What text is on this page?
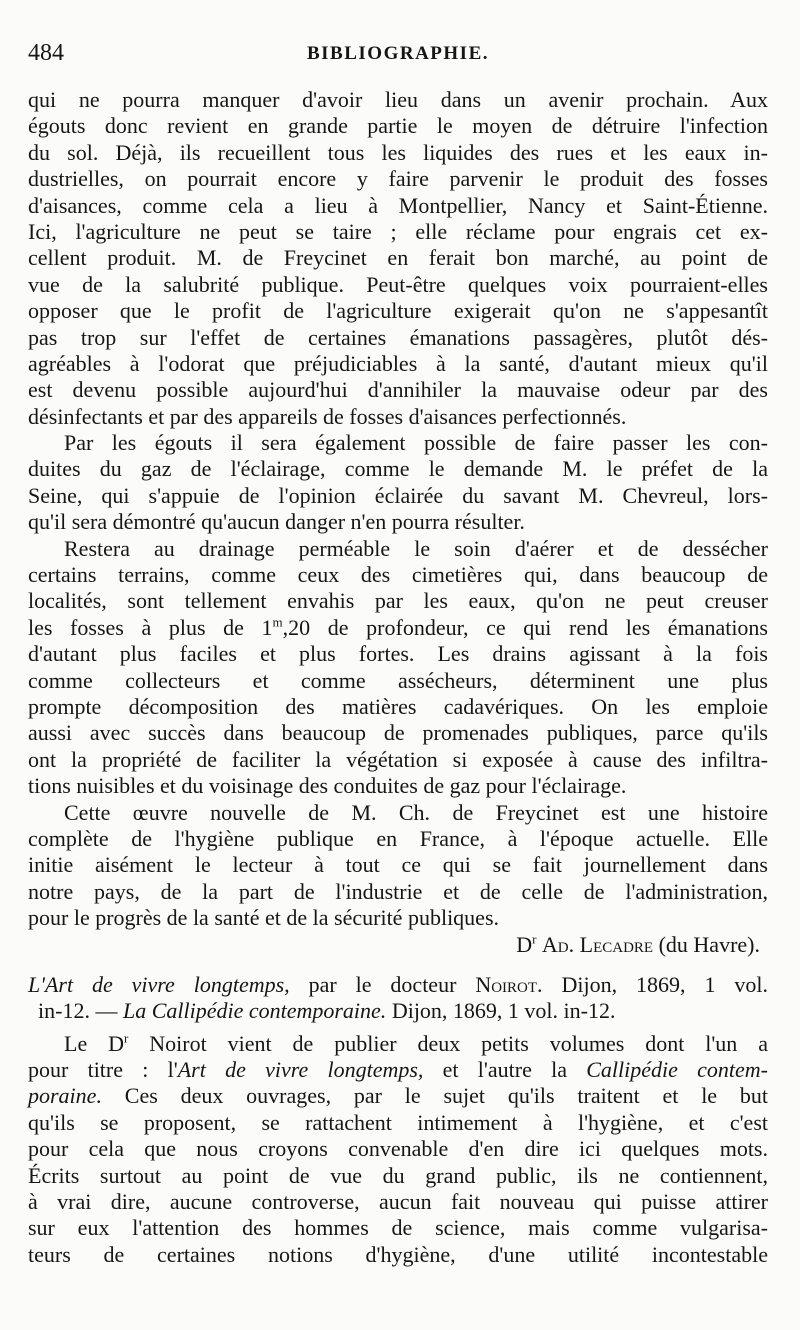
484	BIBLIOGRAPHIE.
qui ne pourra manquer d'avoir lieu dans un avenir prochain. Aux
égouts donc revient en grande partie le moyen de détruire l'infection
du sol. Déjà, ils recueillent tous les liquides des rues et les eaux in-
dustrielles, on pourrait encore y faire parvenir le produit des fosses
d'aisances, comme cela a lieu à Montpellier, Nancy et Saint-Étienne.
Ici, l'agriculture ne peut se taire ; elle réclame pour engrais cet ex-
cellent produit. M. de Freycinet en ferait bon marché, au point de
vue de la salubrité publique. Peut-être quelques voix pourraient-elles
opposer que le profit de l'agriculture exigerait qu'on ne s'appesantît
pas trop sur l'effet de certaines émanations passagères, plutôt dés-
agréables à l'odorat que préjudiciables à la santé, d'autant mieux qu'il
est devenu possible aujourd'hui d'annihiler la mauvaise odeur par des
désinfectants et par des appareils de fosses d'aisances perfectionnés.
Par les égouts il sera également possible de faire passer les con-
duites du gaz de l'éclairage, comme le demande M. le préfet de la
Seine, qui s'appuie de l'opinion éclairée du savant M. Chevreul, lors-
qu'il sera démontré qu'aucun danger n'en pourra résulter.
Restera au drainage perméable le soin d'aérer et de dessécher
certains terrains, comme ceux des cimetières qui, dans beaucoup de
localités, sont tellement envahis par les eaux, qu'on ne peut creuser
les fosses à plus de 1$^m$,20 de profondeur, ce qui rend les émanations
d'autant plus faciles et plus fortes. Les drains agissant à la fois
comme collecteurs et comme assécheurs, déterminent une plus
prompte décomposition des matières cadavériques. On les emploie
aussi avec succès dans beaucoup de promenades publiques, parce qu'ils
ont la propriété de faciliter la végétation si exposée à cause des infiltra-
tions nuisibles et du voisinage des conduites de gaz pour l'éclairage.
Cette œuvre nouvelle de M. Ch. de Freycinet est une histoire
complète de l'hygiène publique en France, à l'époque actuelle. Elle
initie aisément le lecteur à tout ce qui se fait journellement dans
notre pays, de la part de l'industrie et de celle de l'administration,
pour le progrès de la santé et de la sécurité publiques.
$D^r$ Ad. Lecadre (du Havre).
L'Art de vivre longtemps, par le docteur Noirot. Dijon, 1869, 1 vol.
in-12. — La Callipédie contemporaine. Dijon, 1869, 1 vol. in-12.
Le $D^r$ Noirot vient de publier deux petits volumes dont l'un a
pour titre : l'Art de vivre longtemps, et l'autre la Callipédie contem-
poraine. Ces deux ouvrages, par le sujet qu'ils traitent et le but
qu'ils se proposent, se rattachent intimement à l'hygiène, et c'est
pour cela que nous croyons convenable d'en dire ici quelques mots.
Écrits surtout au point de vue du grand public, ils ne contiennent,
à vrai dire, aucune controverse, aucun fait nouveau qui puisse attirer
sur eux l'attention des hommes de science, mais comme vulgarisa-
teurs de certaines notions d'hygiène, d'une utilité incontestable
